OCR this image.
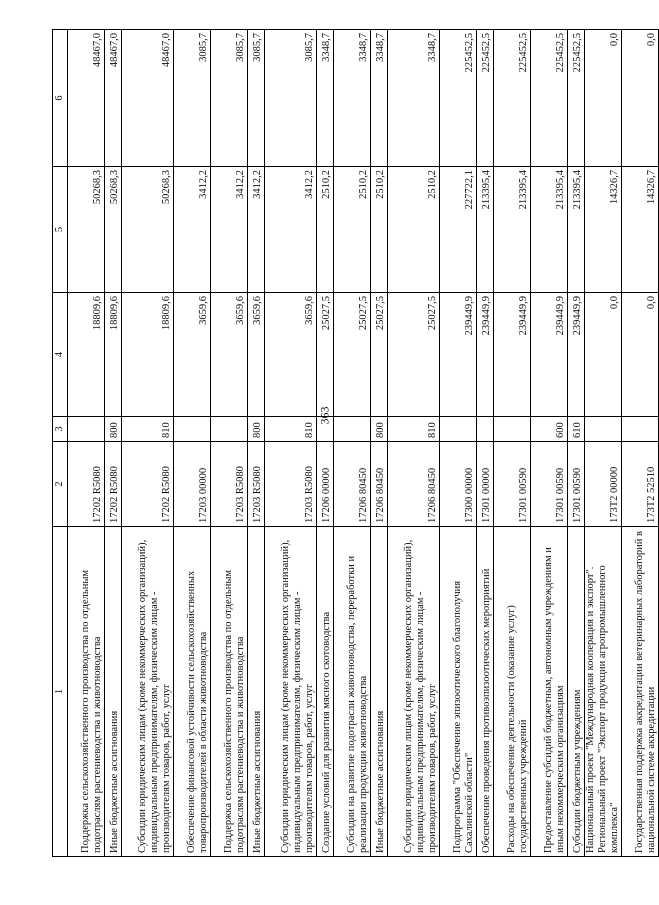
363
1	2	3	4	5	6
Поддержка сельскохозяйственного производства по отдельным подотраслям растениеводства и животноводства	17202 R5080		18809,6	50268,3	48467,0
Иные бюджетные ассигнования	17202 R5080	800	18809,6	50268,3	48467,0
Субсидии юридическим лицам (кроме некоммерческих организаций), индивидуальным предпринимателям, физическим лицам - производителям товаров, работ, услуг	17202 R5080	810	18809,6	50268,3	48467,0
Обеспечение финансовой устойчивости сельскохозяйственных товаропроизводителей в области животноводства	17203 00000		3659,6	3412,2	3085,7
Поддержка сельскохозяйственного производства по отдельным подотраслям растениеводства и животноводства	17203 R5080		3659,6	3412,2	3085,7
Иные бюджетные ассигнования	17203 R5080	800	3659,6	3412,2	3085,7
Субсидии юридическим лицам (кроме некоммерческих организаций), индивидуальным предпринимателям, физическим лицам - производителям товаров, работ, услуг	17203 R5080	810	3659,6	3412,2	3085,7
Создание условий для развития мясного скотоводства	17206 00000		25027,5	2510,2	3348,7
Субсидии на развитие подотрасли животноводства, переработки и реализации продукции животноводства	17206 80450		25027,5	2510,2	3348,7
Иные бюджетные ассигнования	17206 80450	800	25027,5	2510,2	3348,7
Субсидии юридическим лицам (кроме некоммерческих организаций), индивидуальным предпринимателям, физическим лицам - производителям товаров, работ, услуг	17206 80450	810	25027,5	2510,2	3348,7
Подпрограмма "Обеспечение эпизоотического благополучия Сахалинской области"	17300 00000		239449,9	227722,1	225452,5
Обеспечение проведения противоэпизоотических мероприятий	17301 00000		239449,9	213395,4	225452,5
Расходы на обеспечение деятельности (оказание услуг) государственных учреждений	17301 00590		239449,9	213395,4	225452,5
Предоставление субсидий бюджетным, автономным учреждениям и иным некоммерческим организациям	17301 00590	600	239449,9	213395,4	225452,5
Субсидии бюджетным учреждениям	17301 00590	610	239449,9	213395,4	225452,5
Национальный проект "Международная кооперация и экспорт". Региональный проект "Экспорт продукции агропромышленного комплекса"	173T2 00000		0,0	14326,7	0,0
Государственная поддержка аккредитации ветеринарных лабораторий в национальной системе аккредитации	173T2 52510		0,0	14326,7	0,0
